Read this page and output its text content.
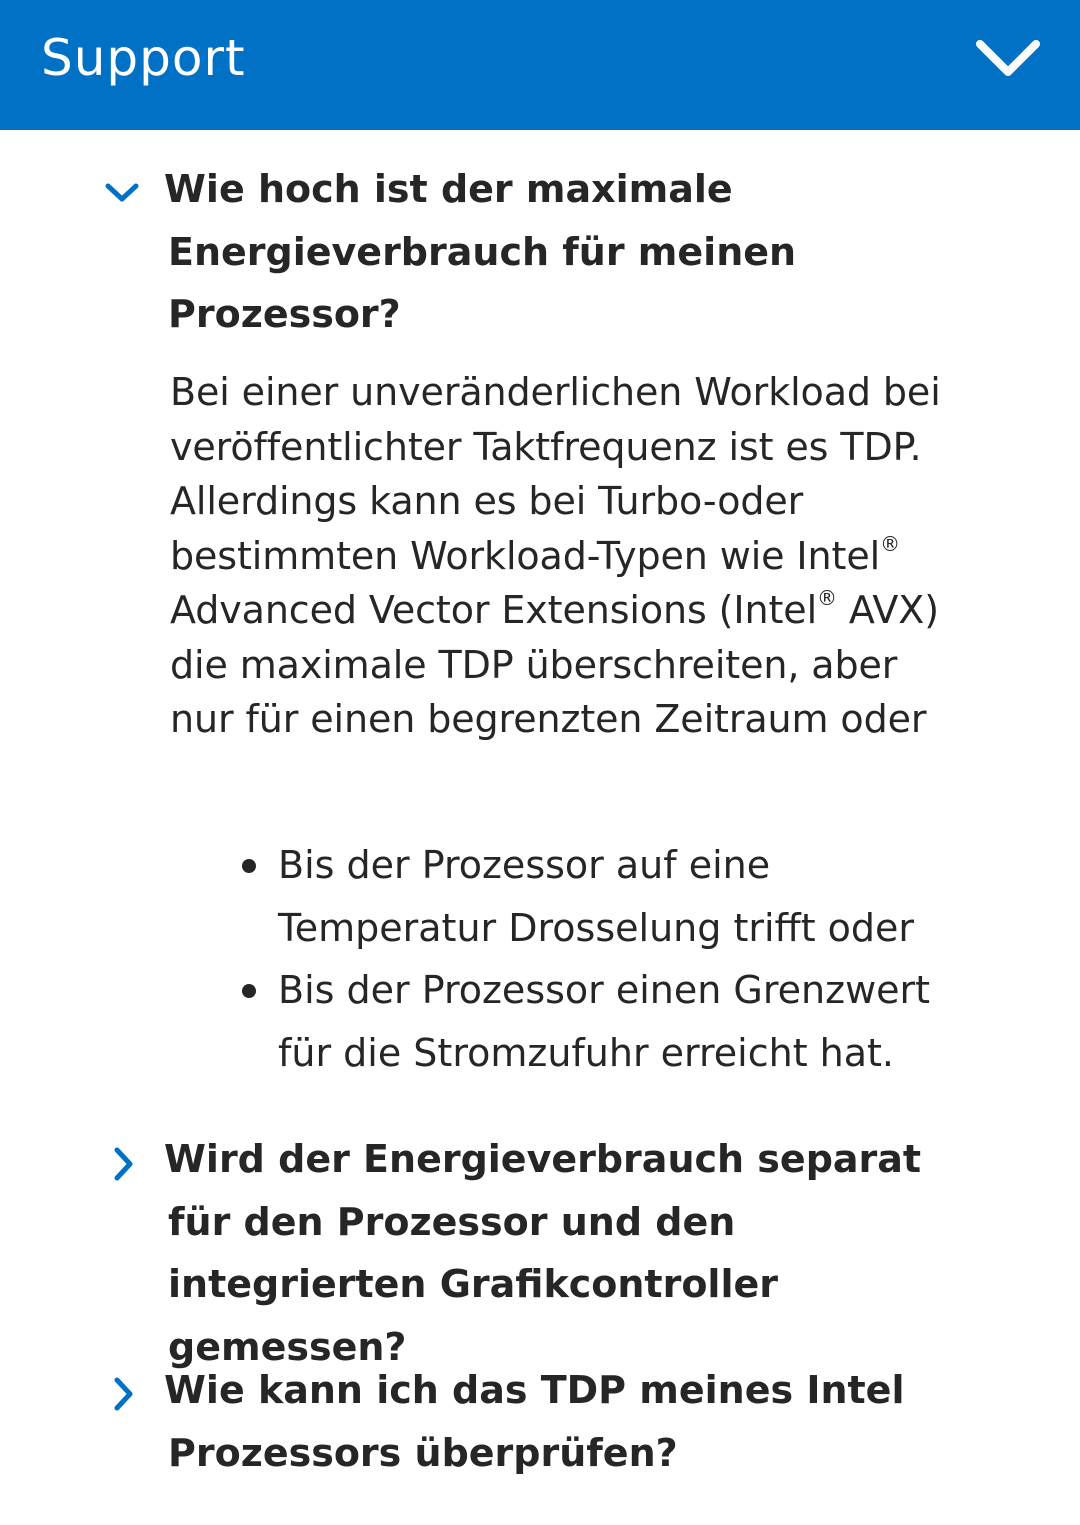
Support

Wie hoch ist der maximale Energieverbrauch für meinen Prozessor?

Bei einer unveränderlichen Workload bei veröffentlichter Taktfrequenz ist es TDP. Allerdings kann es bei Turbo-oder bestimmten Workload-Typen wie Intel® Advanced Vector Extensions (Intel® AVX) die maximale TDP überschreiten, aber nur für einen begrenzten Zeitraum oder

Bis der Prozessor auf eine Temperatur Drosselung trifft oder
Bis der Prozessor einen Grenzwert für die Stromzufuhr erreicht hat.

Wird der Energieverbrauch separat für den Prozessor und den integrierten Grafikcontroller gemessen?

Wie kann ich das TDP meines Intel Prozessors überprüfen?
